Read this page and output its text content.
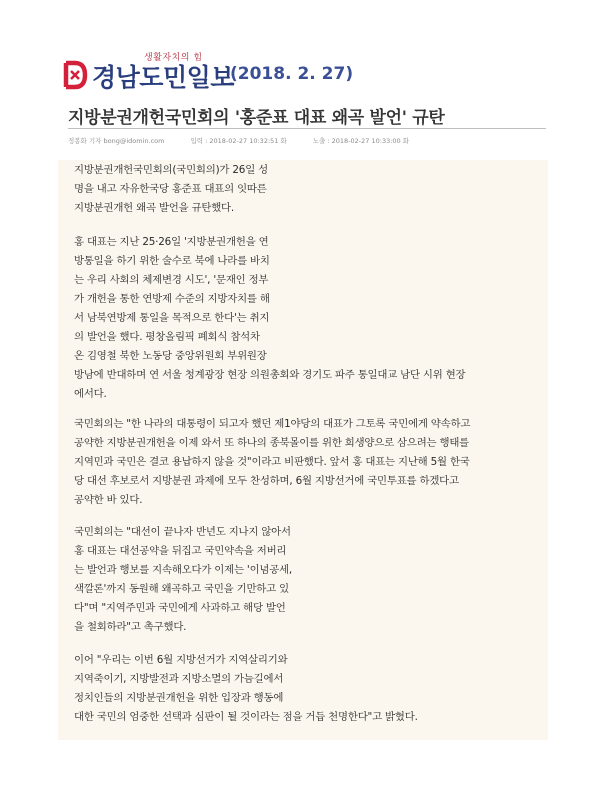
생활자치의 힘
경남도민일보
(2018. 2. 27)
지방분권개헌국민회의 '홍준표 대표 왜곡 발언' 규탄
정봉화 기자 bong@idomin.com	입력 : 2018-02-27 10:32:51 화	노출 : 2018-02-27 10:33:00 화

지방분권개헌국민회의(국민회의)가 26일 성
명을 내고 자유한국당 홍준표 대표의 잇따른
지방분권개헌 왜곡 발언을 규탄했다.

홍 대표는 지난 25·26일 '지방분권개헌을 연
방통일을 하기 위한 술수로 북에 나라를 바치
는 우리 사회의 체제변경 시도', '문재인 정부
가 개헌을 통한 연방제 수준의 지방자치를 해
서 남북연방제 통일을 목적으로 한다'는 취지
의 발언을 했다. 평창올림픽 폐회식 참석차
온 김영철 북한 노동당 중앙위원회 부위원장
방남에 반대하며 연 서울 청계광장 현장 의원총회와 경기도 파주 통일대교 남단 시위 현장
에서다.

국민회의는 "한 나라의 대통령이 되고자 했던 제1야당의 대표가 그토록 국민에게 약속하고
공약한 지방분권개헌을 이제 와서 또 하나의 종북몰이를 위한 희생양으로 삼으려는 행태를
지역민과 국민은 결코 용납하지 않을 것"이라고 비판했다. 앞서 홍 대표는 지난해 5월 한국
당 대선 후보로서 지방분권 과제에 모두 찬성하며, 6월 지방선거에 국민투표를 하겠다고
공약한 바 있다.

국민회의는 "대선이 끝나자 반년도 지나지 않아서
홍 대표는 대선공약을 뒤집고 국민약속을 저버리
는 발언과 행보를 지속해오다가 이제는 '이념공세,
색깔론'까지 동원해 왜곡하고 국민을 기만하고 있
다"며 "지역주민과 국민에게 사과하고 해당 발언
을 철회하라"고 촉구했다.

이어 "우리는 이번 6월 지방선거가 지역살리기와
지역죽이기, 지방발전과 지방소멸의 가늠길에서
정치인들의 지방분권개헌을 위한 입장과 행동에
대한 국민의 엄중한 선택과 심판이 될 것이라는 점을 거듭 천명한다"고 밝혔다.
